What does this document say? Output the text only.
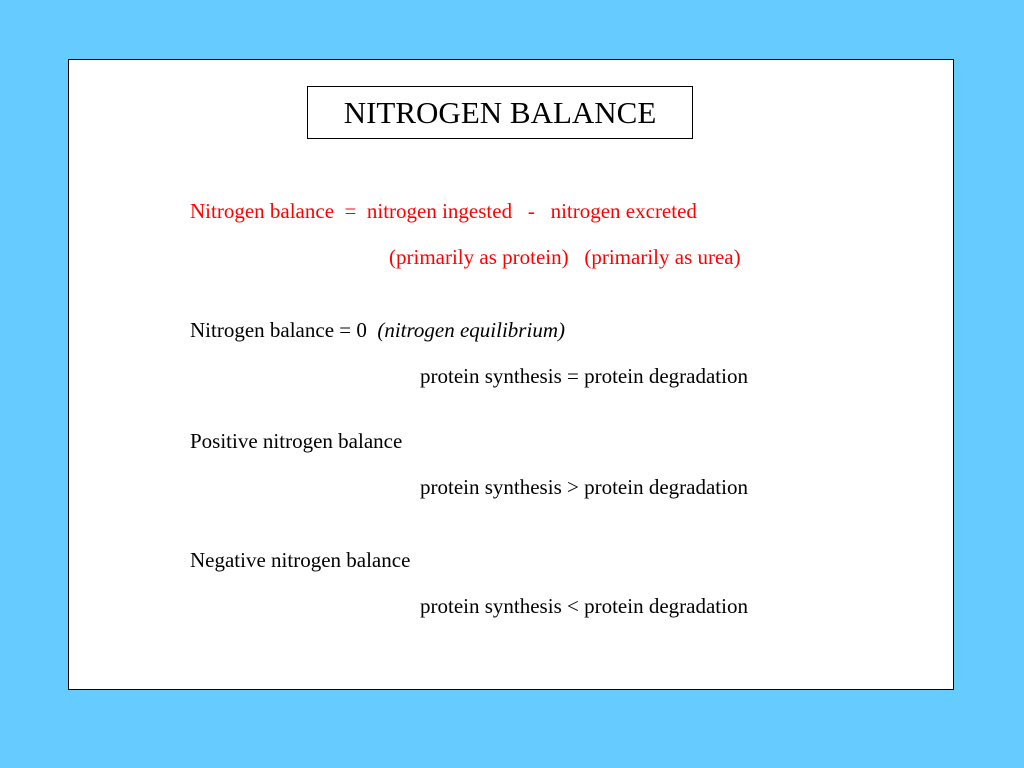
NITROGEN BALANCE
Nitrogen balance  =  nitrogen ingested   -   nitrogen excreted
(primarily as protein)   (primarily as urea)
Nitrogen balance = 0  (nitrogen equilibrium)
protein synthesis = protein degradation
Positive nitrogen balance
protein synthesis > protein degradation
Negative nitrogen balance
protein synthesis < protein degradation
